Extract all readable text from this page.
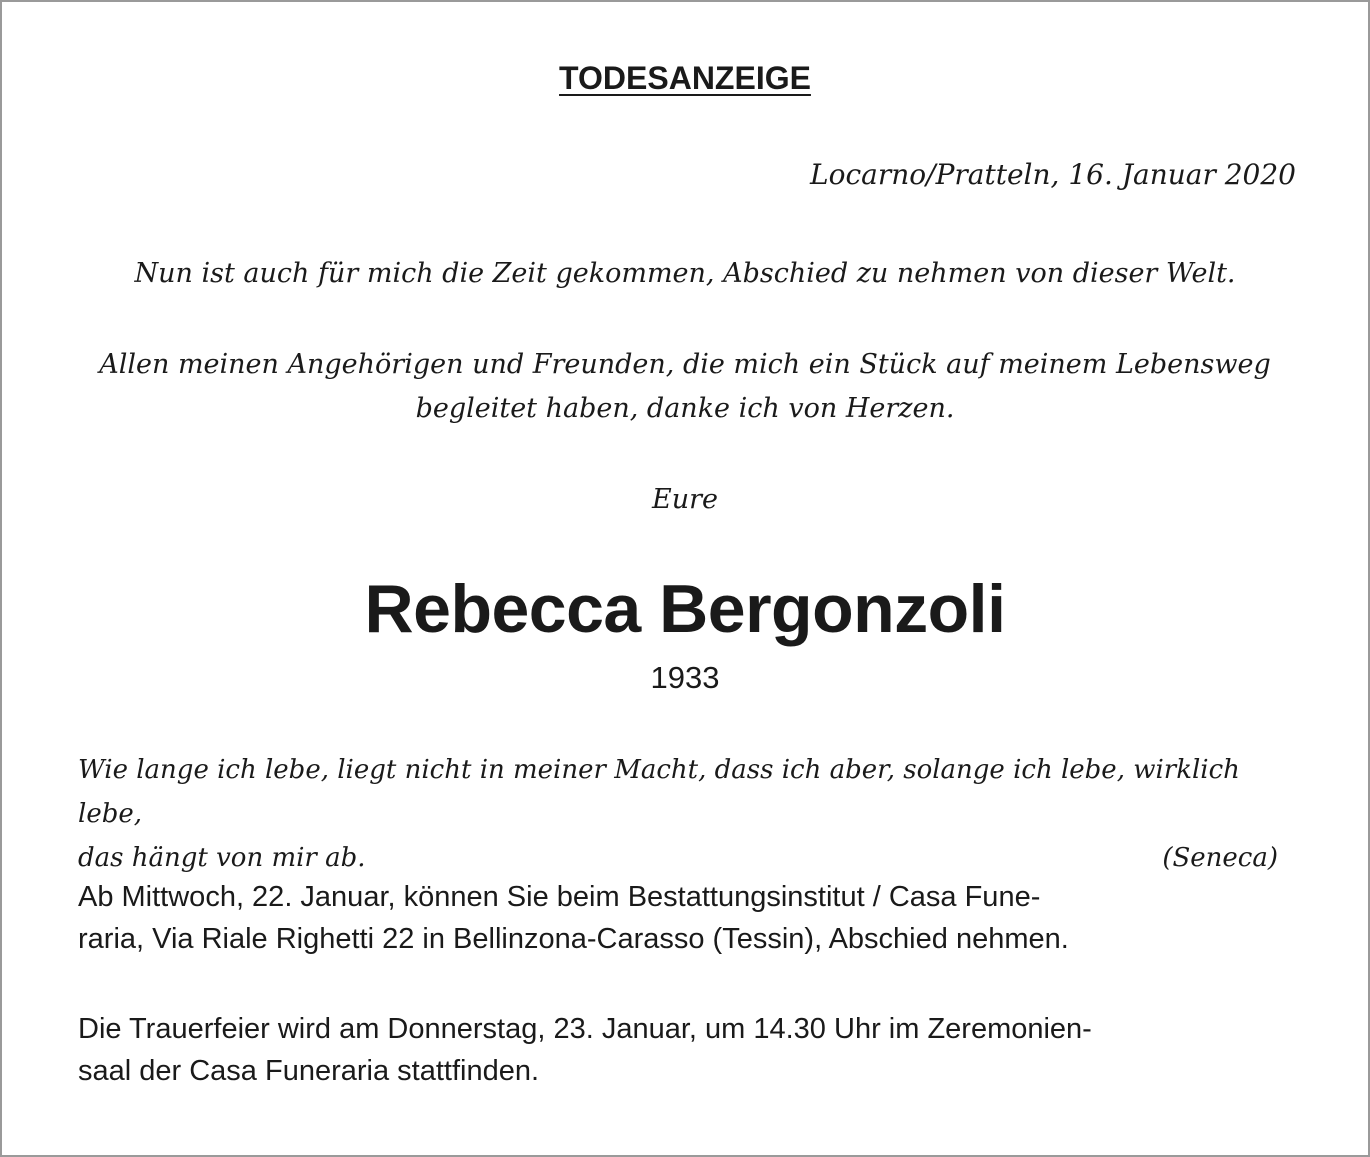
TODESANZEIGE
Locarno/Pratteln, 16. Januar 2020
Nun ist auch für mich die Zeit gekommen, Abschied zu nehmen von dieser Welt.
Allen meinen Angehörigen und Freunden, die mich ein Stück auf meinem Lebensweg
begleitet haben, danke ich von Herzen.
Eure
Rebecca Bergonzoli
1933
Wie lange ich lebe, liegt nicht in meiner Macht, dass ich aber, solange ich lebe, wirklich lebe,
das hängt von mir ab.	(Seneca)
Ab Mittwoch, 22. Januar, können Sie beim Bestattungsinstitut / Casa Fune-
raria, Via Riale Righetti 22 in Bellinzona-Carasso (Tessin), Abschied nehmen.
Die Trauerfeier wird am Donnerstag, 23. Januar, um 14.30 Uhr im Zeremonien-
saal der Casa Funeraria stattfinden.
